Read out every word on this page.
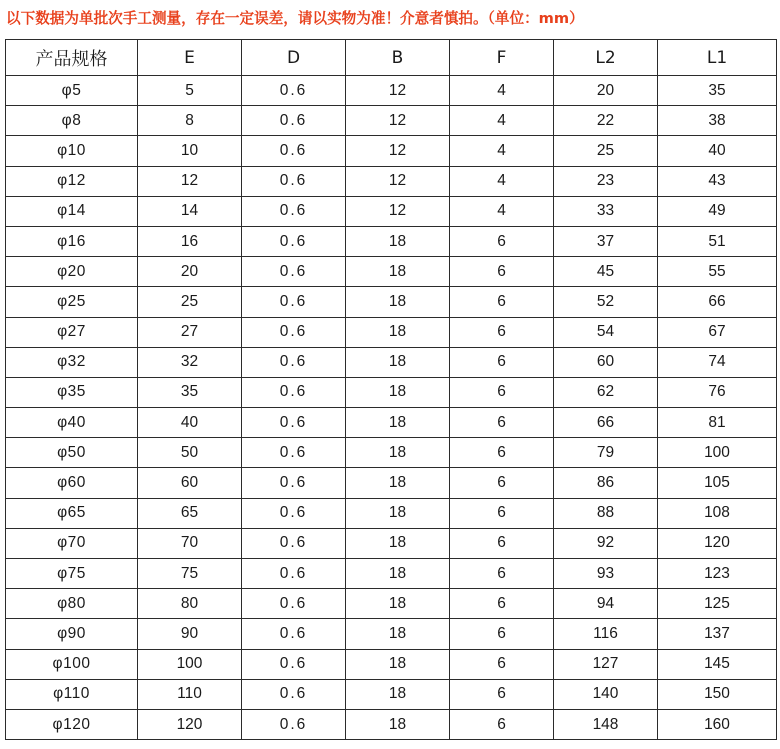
以下数据为单批次手工测量，存在一定误差，请以实物为准！介意者慎拍。（单位：mm）
产品规格	E	D	B	F	L2	L1
φ5	5	0.6	12	4	20	35
φ8	8	0.6	12	4	22	38
φ10	10	0.6	12	4	25	40
φ12	12	0.6	12	4	23	43
φ14	14	0.6	12	4	33	49
φ16	16	0.6	18	6	37	51
φ20	20	0.6	18	6	45	55
φ25	25	0.6	18	6	52	66
φ27	27	0.6	18	6	54	67
φ32	32	0.6	18	6	60	74
φ35	35	0.6	18	6	62	76
φ40	40	0.6	18	6	66	81
φ50	50	0.6	18	6	79	100
φ60	60	0.6	18	6	86	105
φ65	65	0.6	18	6	88	108
φ70	70	0.6	18	6	92	120
φ75	75	0.6	18	6	93	123
φ80	80	0.6	18	6	94	125
φ90	90	0.6	18	6	116	137
φ100	100	0.6	18	6	127	145
φ110	110	0.6	18	6	140	150
φ120	120	0.6	18	6	148	160
